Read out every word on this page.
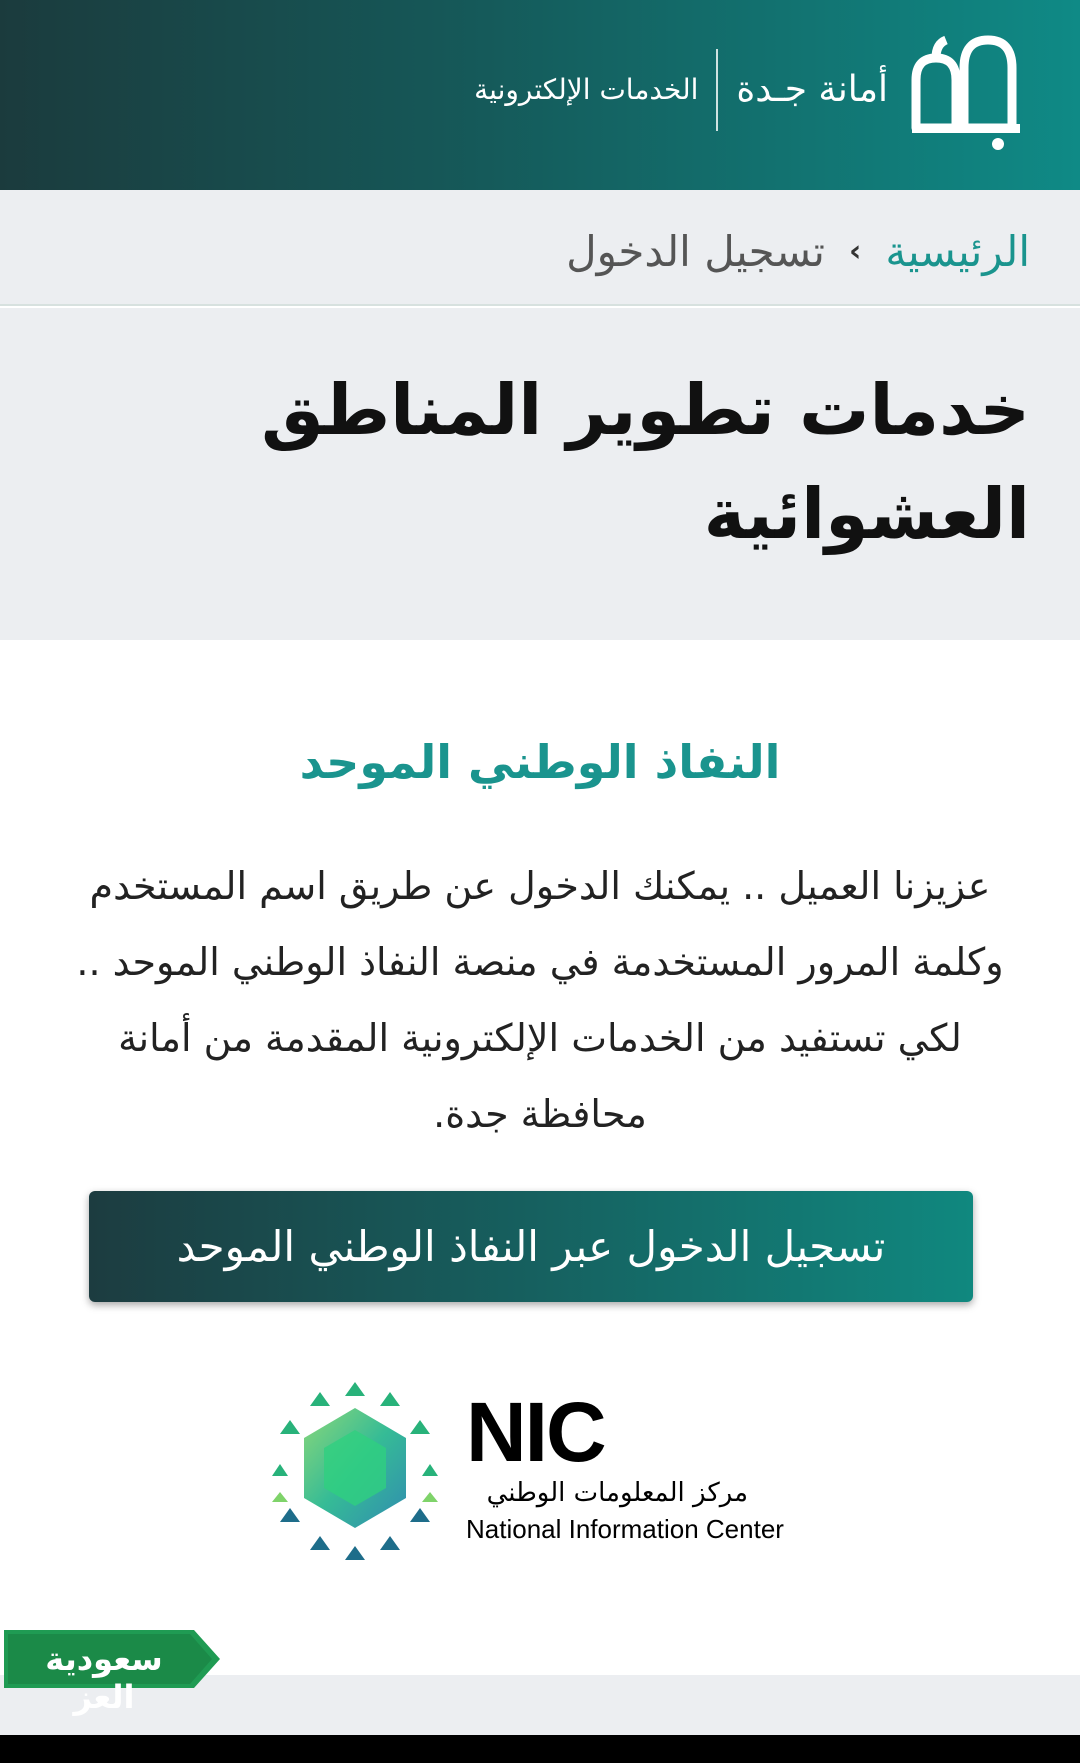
الخدمات الإلكترونية أمانة جـدة
الرئيسية
›
تسجيل الدخول
خدمات تطوير المناطق العشوائية
النفاذ الوطني الموحد

عزيزنا العميل .. يمكنك الدخول عن طريق اسم المستخدم وكلمة المرور المستخدمة في منصة النفاذ الوطني الموحد .. لكي تستفيد من الخدمات الإلكترونية المقدمة من أمانة محافظة جدة.

تسجيل الدخول عبر النفاذ الوطني الموحد
NIC
مركز المعلومات الوطني
National Information Center
سعودية العز
